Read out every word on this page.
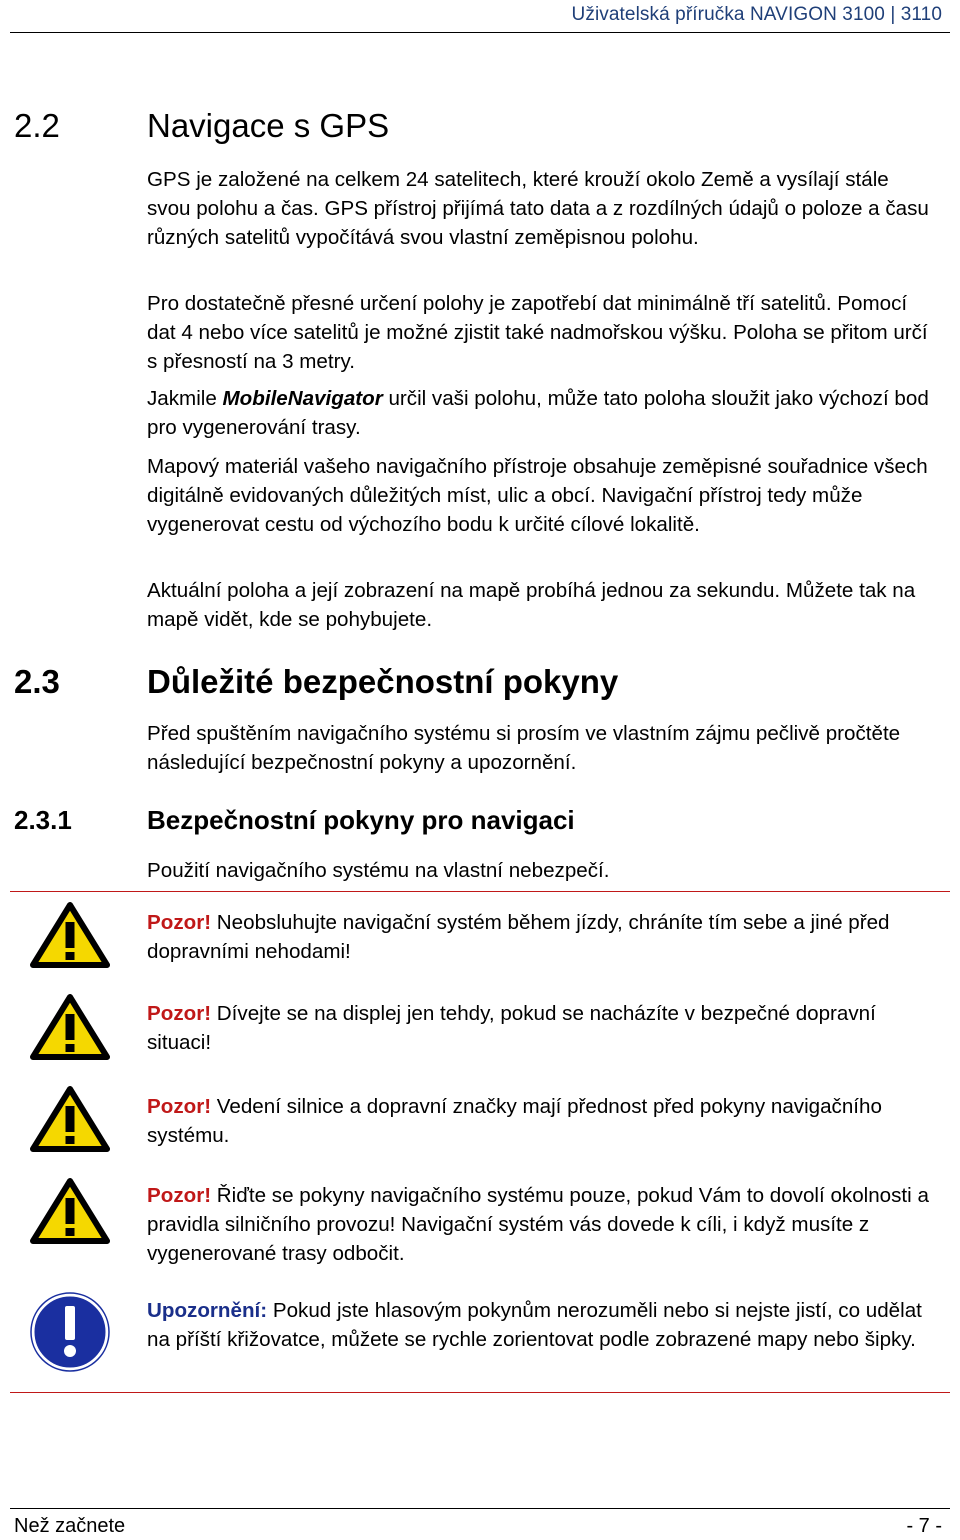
Uživatelská příručka NAVIGON 3100 | 3110
2.2	Navigace s GPS
GPS je založené na celkem 24 satelitech, které krouží okolo Země a vysílají stále svou polohu a čas. GPS přístroj přijímá tato data a z rozdílných údajů o poloze a času různých satelitů vypočítává svou vlastní zeměpisnou polohu.
Pro dostatečně přesné určení polohy je zapotřebí dat minimálně tří satelitů. Pomocí dat 4 nebo více satelitů je možné zjistit také nadmořskou výšku. Poloha se přitom určí s přesností na 3 metry.
Jakmile MobileNavigator určil vaši polohu, může tato poloha sloužit jako výchozí bod pro vygenerování trasy.
Mapový materiál vašeho navigačního přístroje obsahuje zeměpisné souřadnice všech digitálně evidovaných důležitých míst, ulic a obcí. Navigační přístroj tedy může vygenerovat cestu od výchozího bodu k určité cílové lokalitě.
Aktuální poloha a její zobrazení na mapě probíhá jednou za sekundu. Můžete tak na mapě vidět, kde se pohybujete.
2.3	Důležité bezpečnostní pokyny
Před spuštěním navigačního systému si prosím ve vlastním zájmu pečlivě pročtěte následující bezpečnostní pokyny a upozornění.
2.3.1	Bezpečnostní pokyny pro navigaci
Použití navigačního systému na vlastní nebezpečí.
Pozor! Neobsluhujte navigační systém během jízdy, chráníte tím sebe a jiné před dopravními nehodami!
Pozor! Dívejte se na displej jen tehdy, pokud se nacházíte v bezpečné dopravní situaci!
Pozor! Vedení silnice a dopravní značky mají přednost před pokyny navigačního systému.
Pozor! Řiďte se pokyny navigačního systému pouze, pokud Vám to dovolí okolnosti a pravidla silničního provozu! Navigační systém vás dovede k cíli, i když musíte z vygenerované trasy odbočit.
Upozornění: Pokud jste hlasovým pokynům nerozuměli nebo si nejste jistí, co udělat na příští křižovatce, můžete se rychle zorientovat podle zobrazené mapy nebo šipky.
Než začnete	- 7 -
